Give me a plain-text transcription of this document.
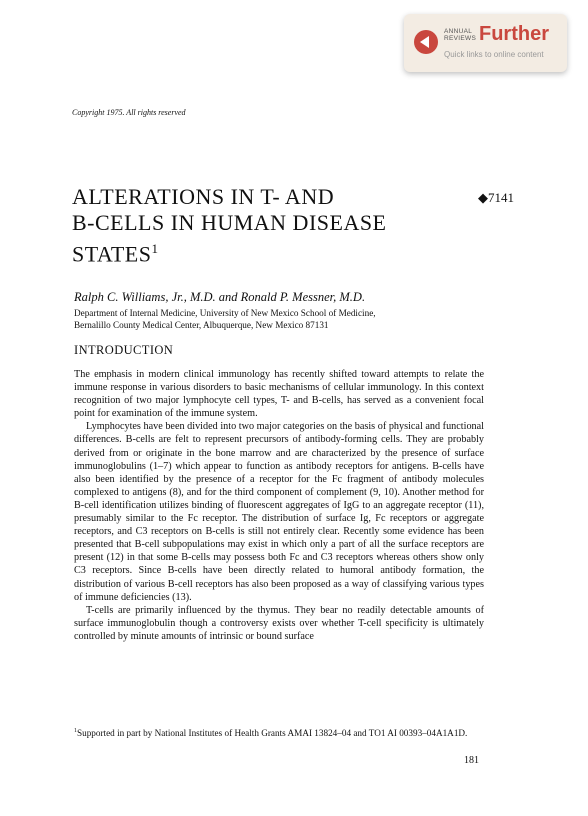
ANNUAL
REVIEWS Further
Quick links to online content
Copyright 1975. All rights reserved
ALTERATIONS IN T- AND
B-CELLS IN HUMAN DISEASE
STATES$^1$
◆7141
Ralph C. Williams, Jr., M.D. and Ronald P. Messner, M.D.
Department of Internal Medicine, University of New Mexico School of Medicine,
Bernalillo County Medical Center, Albuquerque, New Mexico 87131
INTRODUCTION

The emphasis in modern clinical immunology has recently shifted toward attempts to relate the immune response in various disorders to basic mechanisms of cellular immunology. In this context recognition of two major lymphocyte cell types, T- and B-cells, has served as a convenient focal point for examination of the immune system.

Lymphocytes have been divided into two major categories on the basis of physical and functional differences. B-cells are felt to represent precursors of antibody-forming cells. They are probably derived from or originate in the bone marrow and are characterized by the presence of surface immunoglobulins (1–7) which appear to function as antibody receptors for antigens. B-cells have also been identified by the presence of a receptor for the Fc fragment of antibody molecules complexed to antigens (8), and for the third component of complement (9, 10). Another method for B-cell identification utilizes binding of fluorescent aggregates of IgG to an aggregate receptor (11), presumably similar to the Fc receptor. The distribution of surface Ig, Fc receptors or aggregate receptors, and C3 receptors on B-cells is still not entirely clear. Recently some evidence has been presented that B-cell subpopulations may exist in which only a part of all the surface receptors are present (12) in that some B-cells may possess both Fc and C3 receptors whereas others show only C3 receptors. Since B-cells have been directly related to humoral antibody formation, the distribution of various B-cell receptors has also been proposed as a way of classifying various types of immune deficiencies (13).

T-cells are primarily influenced by the thymus. They bear no readily detectable amounts of surface immunoglobulin though a controversy exists over whether T-cell specificity is ultimately controlled by minute amounts of intrinsic or bound surface

$^1$Supported in part by National Institutes of Health Grants AMAI 13824–04 and TO1 AI 00393–04A1A1D.
181
